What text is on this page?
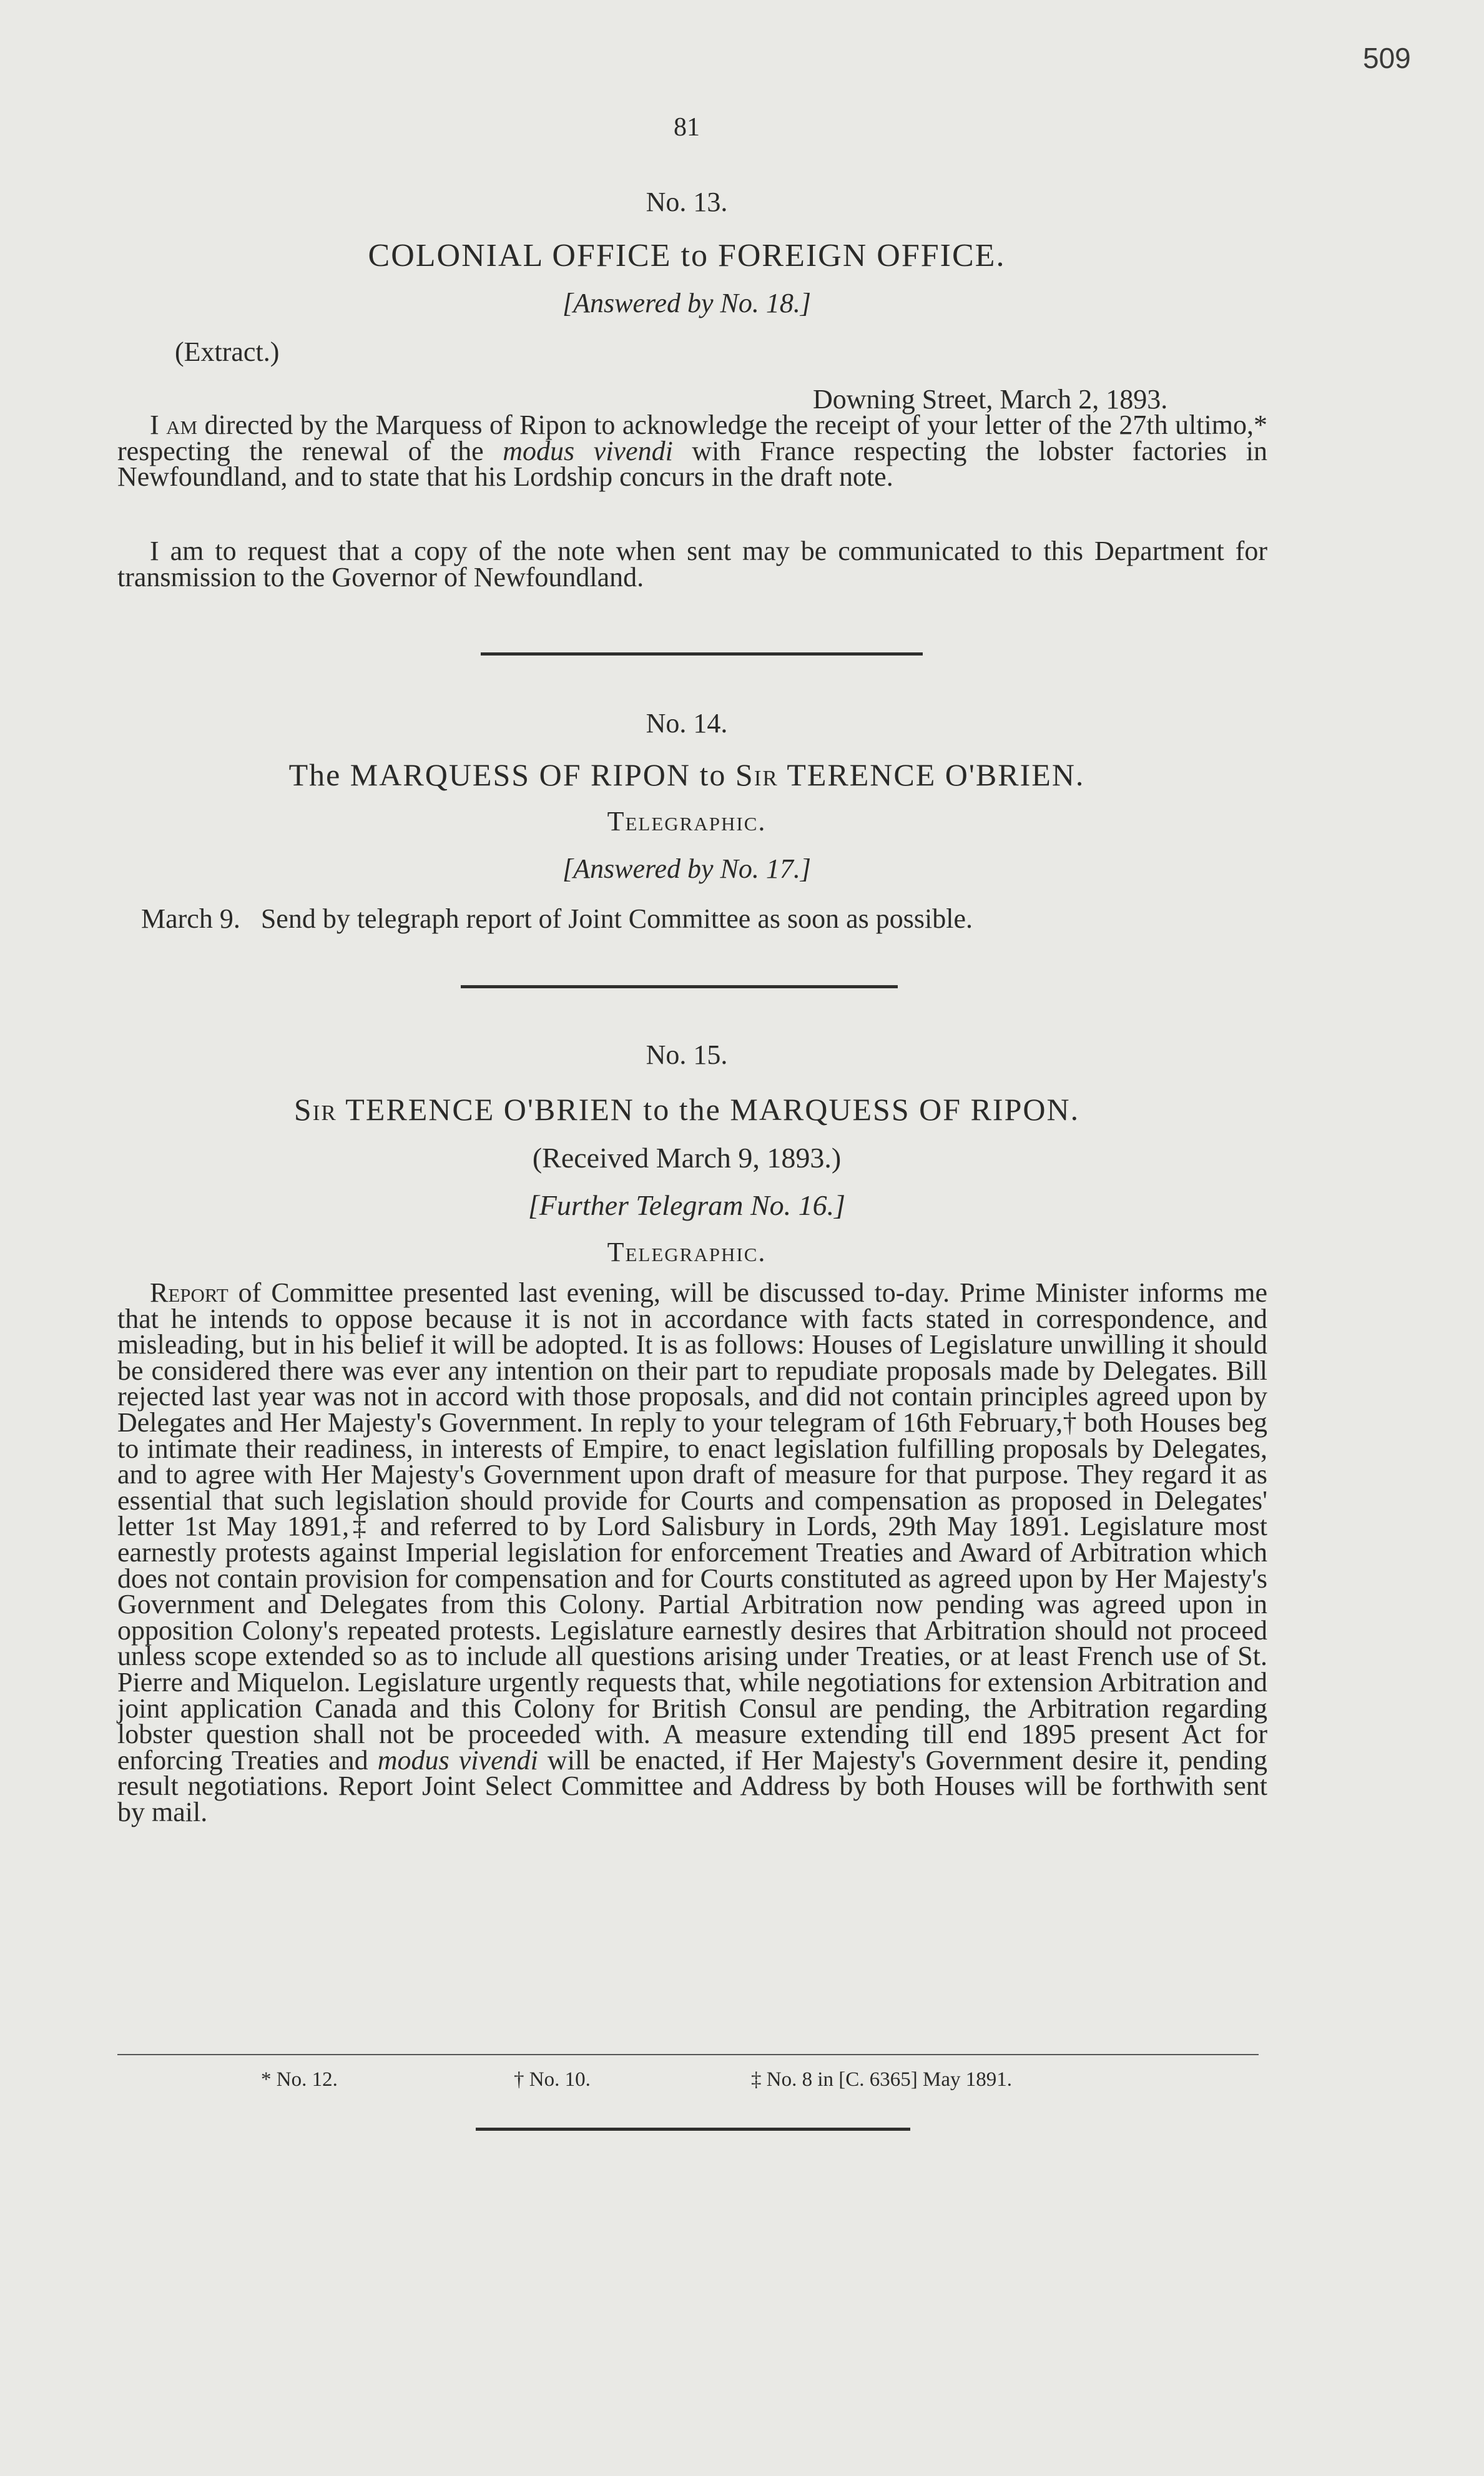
509
81
No. 13.
COLONIAL OFFICE to FOREIGN OFFICE.
[Answered by No. 18.]
(Extract.)
Downing Street, March 2, 1893.
I am directed by the Marquess of Ripon to acknowledge the receipt of your letter of the 27th ultimo,* respecting the renewal of the modus vivendi with France respecting the lobster factories in Newfoundland, and to state that his Lordship concurs in the draft note.
I am to request that a copy of the note when sent may be communicated to this Department for transmission to the Governor of Newfoundland.
No. 14.
The MARQUESS OF RIPON to Sir TERENCE O'BRIEN.
Telegraphic.
[Answered by No. 17.]
March 9.   Send by telegraph report of Joint Committee as soon as possible.
No. 15.
Sir TERENCE O'BRIEN to the MARQUESS OF RIPON.
(Received March 9, 1893.)
[Further Telegram No. 16.]
Telegraphic.
Report of Committee presented last evening, will be discussed to-day. Prime Minister informs me that he intends to oppose because it is not in accordance with facts stated in correspondence, and misleading, but in his belief it will be adopted. It is as follows: Houses of Legislature unwilling it should be considered there was ever any intention on their part to repudiate proposals made by Delegates. Bill rejected last year was not in accord with those proposals, and did not contain principles agreed upon by Delegates and Her Majesty's Government. In reply to your telegram of 16th February,† both Houses beg to intimate their readiness, in interests of Empire, to enact legislation fulfilling proposals by Delegates, and to agree with Her Majesty's Government upon draft of measure for that purpose. They regard it as essential that such legislation should provide for Courts and compensation as proposed in Delegates' letter 1st May 1891,‡ and referred to by Lord Salisbury in Lords, 29th May 1891. Legislature most earnestly protests against Imperial legislation for enforcement Treaties and Award of Arbitration which does not contain provision for compensation and for Courts constituted as agreed upon by Her Majesty's Government and Delegates from this Colony. Partial Arbitration now pending was agreed upon in opposition Colony's repeated protests. Legislature earnestly desires that Arbitration should not proceed unless scope extended so as to include all questions arising under Treaties, or at least French use of St. Pierre and Miquelon. Legislature urgently requests that, while negotiations for extension Arbitration and joint application Canada and this Colony for British Consul are pending, the Arbitration regarding lobster question shall not be proceeded with. A measure extending till end 1895 present Act for enforcing Treaties and modus vivendi will be enacted, if Her Majesty's Government desire it, pending result negotiations. Report Joint Select Committee and Address by both Houses will be forthwith sent by mail.
* No. 12.	† No. 10.	‡ No. 8 in [C. 6365] May 1891.
